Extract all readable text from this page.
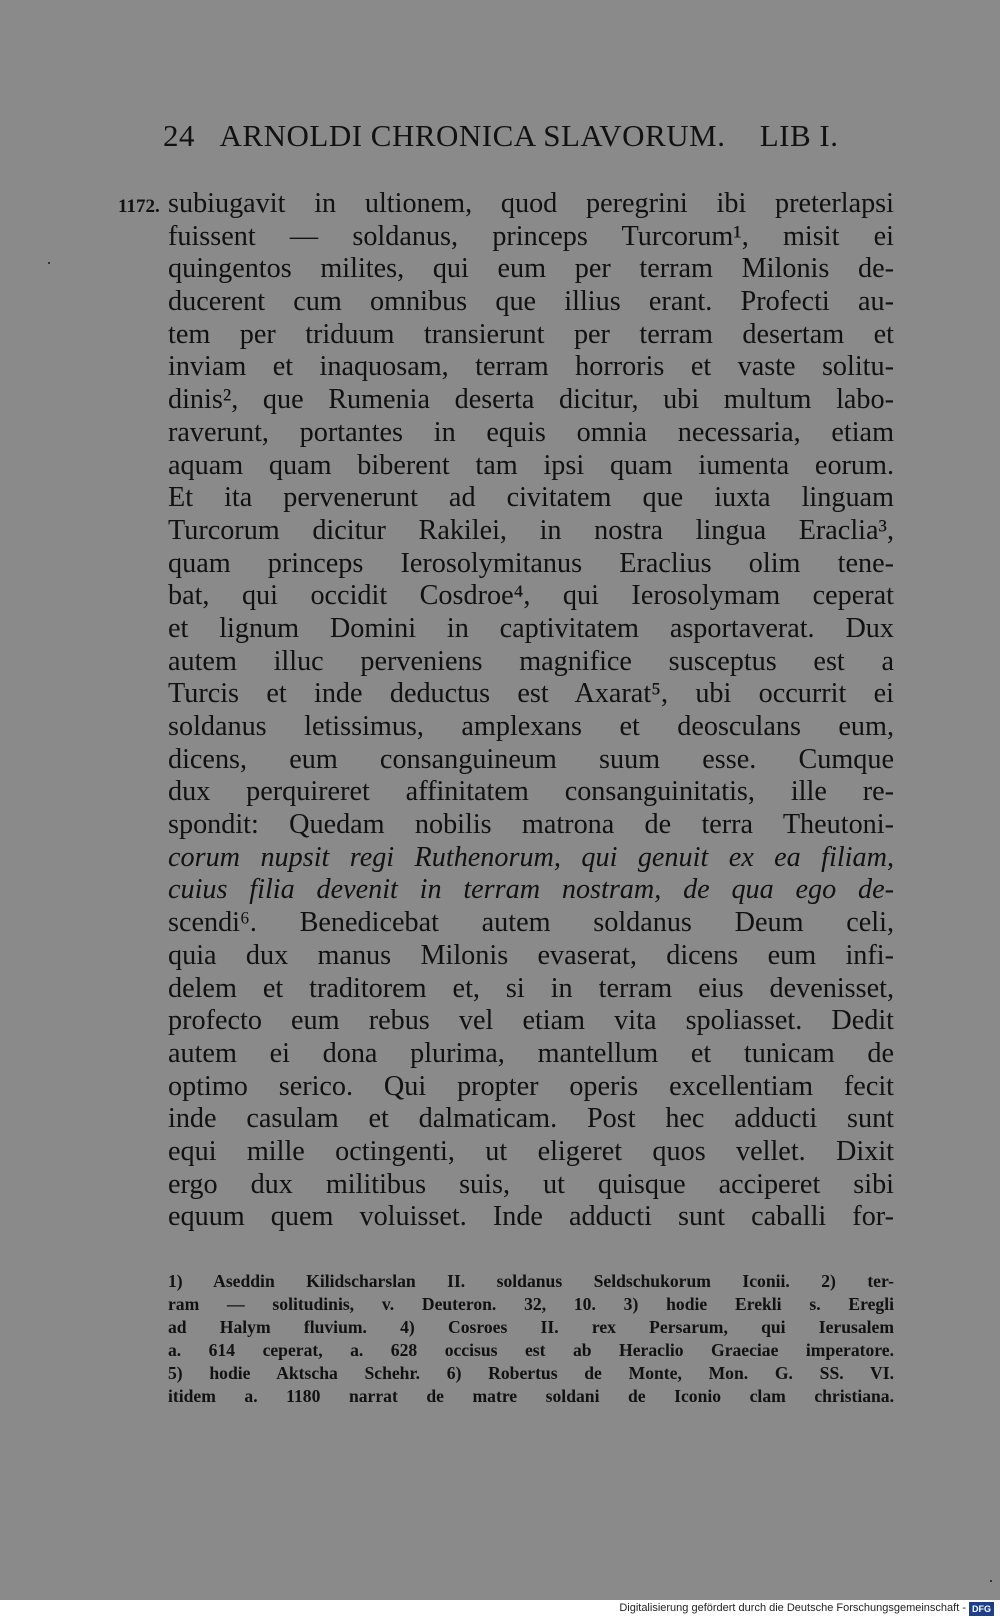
24 ARNOLDI CHRONICA SLAVORUM. LIB I.
1172. subiugavit in ultionem, quod peregrini ibi preterlapsi
fuissent — soldanus, princeps Turcorum¹, misit ei
quingentos milites, qui eum per terram Milonis de-
ducerent cum omnibus que illius erant. Profecti au-
tem per triduum transierunt per terram desertam et
inviam et inaquosam, terram horroris et vaste solitu-
dinis², que Rumenia deserta dicitur, ubi multum labo-
raverunt, portantes in equis omnia necessaria, etiam
aquam quam biberent tam ipsi quam iumenta eorum.
Et ita pervenerunt ad civitatem que iuxta linguam
Turcorum dicitur Rakilei, in nostra lingua Eraclia³,
quam princeps Ierosolymitanus Eraclius olim tene-
bat, qui occidit Cosdroe⁴, qui Ierosolymam ceperat
et lignum Domini in captivitatem asportaverat. Dux
autem illuc perveniens magnifice susceptus est a
Turcis et inde deductus est Axarat⁵, ubi occurrit ei
soldanus letissimus, amplexans et deosculans eum,
dicens, eum consanguineum suum esse. Cumque
dux perquireret affinitatem consanguinitatis, ille re-
spondit: Quedam nobilis matrona de terra Theutoni-
corum nupsit regi Ruthenorum, qui genuit ex ea filiam,
cuius filia devenit in terram nostram, de qua ego de-
scendi⁶. Benedicebat autem soldanus Deum celi,
quia dux manus Milonis evaserat, dicens eum infi-
delem et traditorem et, si in terram eius devenisset,
profecto eum rebus vel etiam vita spoliasset. Dedit
autem ei dona plurima, mantellum et tunicam de
optimo serico. Qui propter operis excellentiam fecit
inde casulam et dalmaticam. Post hec adducti sunt
equi mille octingenti, ut eligeret quos vellet. Dixit
ergo dux militibus suis, ut quisque acciperet sibi
equum quem voluisset. Inde adducti sunt caballi for-
1) Aseddin Kilidscharslan II. soldanus Seldschukorum Iconii. 2) ter-
ram — solitudinis, v. Deuteron. 32, 10. 3) hodie Erekli s. Eregli
ad Halym fluvium. 4) Cosroes II. rex Persarum, qui Ierusalem
a. 614 ceperat, a. 628 occisus est ab Heraclio Graeciae imperatore.
5) hodie Aktscha Schehr. 6) Robertus de Monte, Mon. G. SS. VI.
itidem a. 1180 narrat de matre soldani de Iconio clam christiana.
Digitalisierung gefördert durch die Deutsche Forschungsgemeinschaft - DFG
